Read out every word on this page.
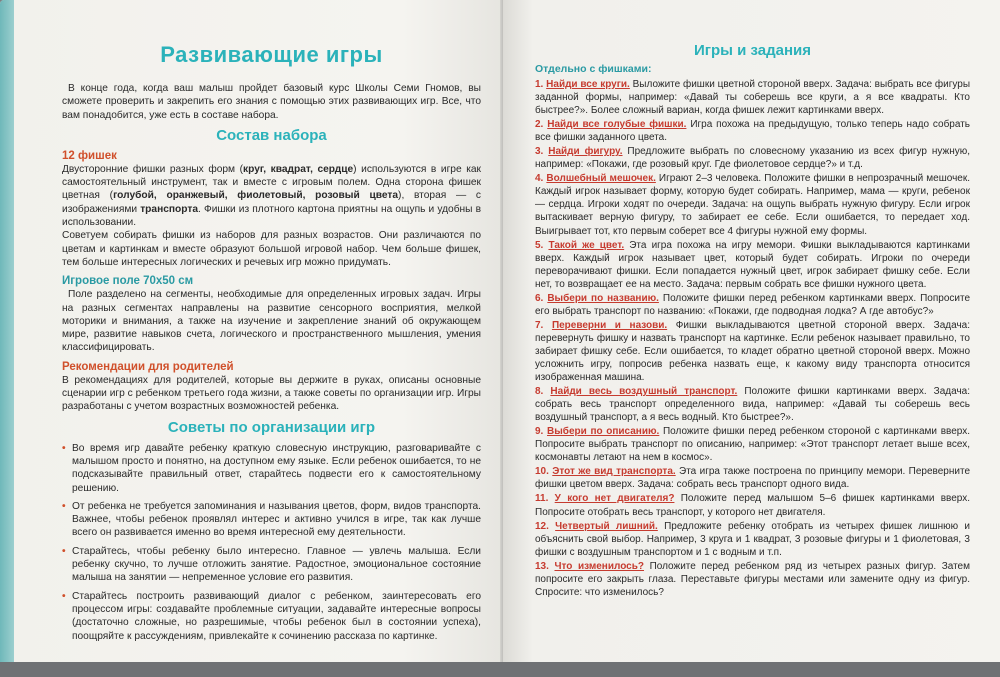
Развивающие игры

В конце года, когда ваш малыш пройдет базовый курс Школы Семи Гномов, вы сможете проверить и закрепить его знания с помощью этих развивающих игр. Все, что вам понадобится, уже есть в составе набора.

Состав набора
12 фишек

Двусторонние фишки разных форм (круг, квадрат, сердце) используются в игре как самостоятельный инструмент, так и вместе с игровым полем. Одна сторона фишек цветная (голубой, оранжевый, фиолетовый, розовый цвета), вторая — с изображениями транспорта. Фишки из плотного картона приятны на ощупь и удобны в использовании.

Советуем собирать фишки из наборов для разных возрастов. Они различаются по цветам и картинкам и вместе образуют большой игровой набор. Чем больше фишек, тем больше интересных логических и речевых игр можно придумать.

Игровое поле 70x50 см

Поле разделено на сегменты, необходимые для определенных игровых задач. Игры на разных сегментах направлены на развитие сенсорного восприятия, мелкой моторики и внимания, а также на изучение и закрепление знаний об окружающем мире, развитие навыков счета, логического и пространственного мышления, умения классифицировать.

Рекомендации для родителей

В рекомендациях для родителей, которые вы держите в руках, описаны основные сценарии игр с ребенком третьего года жизни, а также советы по организации игр. Игры разработаны с учетом возрастных возможностей ребенка.

Советы по организации игр
• Во время игр давайте ребенку краткую словесную инструкцию, разговаривайте с малышом просто и понятно, на доступном ему языке. Если ребенок ошибается, то не подсказывайте правильный ответ, старайтесь подвести его к самостоятельному решению.
• От ребенка не требуется запоминания и называния цветов, форм, видов транспорта. Важнее, чтобы ребенок проявлял интерес и активно учился в игре, так как лучше всего он развивается именно во время интересной ему деятельности.
• Старайтесь, чтобы ребенку было интересно. Главное — увлечь малыша. Если ребенку скучно, то лучше отложить занятие. Радостное, эмоциональное состояние малыша на занятии — непременное условие его развития.
• Старайтесь построить развивающий диалог с ребенком, заинтересовать его процессом игры: создавайте проблемные ситуации, задавайте интересные вопросы (достаточно сложные, но разрешимые, чтобы ребенок был в состоянии успеха), поощряйте к рассуждениям, привлекайте к сочинению рассказа по картинке.
Игры и задания
Отдельно с фишками:
1. Найди все круги. Выложите фишки цветной стороной вверх. Задача: выбрать все фигуры заданной формы, например: «Давай ты соберешь все круги, а я все квадраты. Кто быстрее?». Более сложный вариан, когда фишек лежит картинками вверх.
2. Найди все голубые фишки. Игра похожа на предыдущую, только теперь надо собрать все фишки заданного цвета.
3. Найди фигуру. Предложите выбрать по словесному указанию из всех фигур нужную, например: «Покажи, где розовый круг. Где фиолетовое сердце?» и т.д.
4. Волшебный мешочек. Играют 2–3 человека. Положите фишки в непрозрачный мешочек. Каждый игрок называет форму, которую будет собирать. Например, мама — круги, ребенок — сердца. Игроки ходят по очереди. Задача: на ощупь выбрать нужную фигуру. Если игрок вытаскивает верную фигуру, то забирает ее себе. Если ошибается, то передает ход. Выигрывает тот, кто первым соберет все 4 фигуры нужной ему формы.
5. Такой же цвет. Эта игра похожа на игру мемори. Фишки выкладываются картинками вверх. Каждый игрок называет цвет, который будет собирать. Игроки по очереди переворачивают фишки. Если попадается нужный цвет, игрок забирает фишку себе. Если нет, то возвращает ее на место. Задача: первым собрать все фишки нужного цвета.
6. Выбери по названию. Положите фишки перед ребенком картинками вверх. Попросите его выбрать транспорт по названию: «Покажи, где подводная лодка? А где автобус?»
7. Переверни и назови. Фишки выкладываются цветной стороной вверх. Задача: перевернуть фишку и назвать транспорт на картинке. Если ребенок называет правильно, то забирает фишку себе. Если ошибается, то кладет обратно цветной стороной вверх. Можно усложнить игру, попросив ребенка назвать еще, к какому виду транспорта относится изображенная машина.
8. Найди весь воздушный транспорт. Положите фишки картинками вверх. Задача: собрать весь транспорт определенного вида, например: «Давай ты соберешь весь воздушный транспорт, а я весь водный. Кто быстрее?».
9. Выбери по описанию. Положите фишки перед ребенком стороной с картинками вверх. Попросите выбрать транспорт по описанию, например: «Этот транспорт летает выше всех, космонавты летают на нем в космос».
10. Этот же вид транспорта. Эта игра также построена по принципу мемори. Переверните фишки цветом вверх. Задача: собрать весь транспорт одного вида.
11. У кого нет двигателя? Положите перед малышом 5–6 фишек картинками вверх. Попросите отобрать весь транспорт, у которого нет двигателя.
12. Четвертый лишний. Предложите ребенку отобрать из четырех фишек лишнюю и объяснить свой выбор. Например, 3 круга и 1 квадрат, 3 розовые фигуры и 1 фиолетовая, 3 фишки с воздушным транспортом и 1 с водным и т.п.
13. Что изменилось? Положите перед ребенком ряд из четырех разных фигур. Затем попросите его закрыть глаза. Переставьте фигуры местами или замените одну из фигур. Спросите: что изменилось?
